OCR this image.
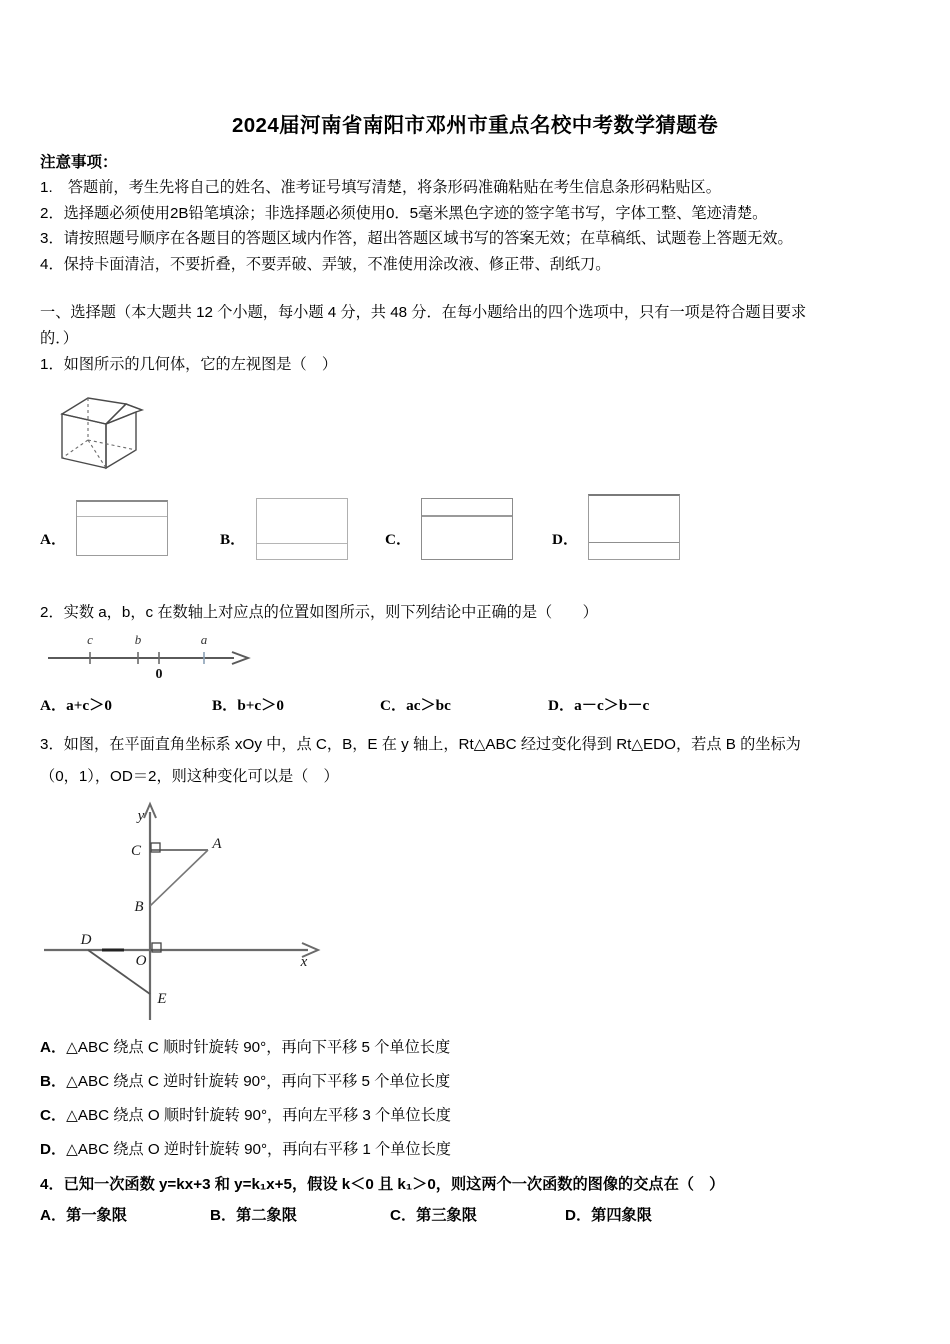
2024届河南省南阳市邓州市重点名校中考数学猜题卷
注意事项：
1.　答题前，考生先将自己的姓名、准考证号填写清楚，将条形码准确粘贴在考生信息条形码粘贴区。
2．选择题必须使用2B铅笔填涂；非选择题必须使用0．5毫米黑色字迹的签字笔书写，字体工整、笔迹清楚。
3．请按照题号顺序在各题目的答题区域内作答，超出答题区域书写的答案无效；在草稿纸、试题卷上答题无效。
4．保持卡面清洁，不要折叠，不要弄破、弄皱，不准使用涂改液、修正带、刮纸刀。
一、选择题（本大题共 12 个小题，每小题 4 分，共 48 分．在每小题给出的四个选项中，只有一项是符合题目要求
的．）
1．如图所示的几何体，它的左视图是（　）
A．	B．	C．	D．
2．实数 a，b，c 在数轴上对应点的位置如图所示，则下列结论中正确的是（　　）
c	b	a
0
A．a+c＞0	B．b+c＞0	C．ac＞bc	D．a－c＞b－c
3．如图，在平面直角坐标系 xOy 中，点 C，B，E 在 y 轴上，Rt△ABC 经过变化得到 Rt△EDO，若点 B 的坐标为
（0，1），OD＝2，则这种变化可以是（　）
C	A
B
D
O
E
y
x
A．△ABC 绕点 C 顺时针旋转 90°，再向下平移 5 个单位长度
B．△ABC 绕点 C 逆时针旋转 90°，再向下平移 5 个单位长度
C．△ABC 绕点 O 顺时针旋转 90°，再向左平移 3 个单位长度
D．△ABC 绕点 O 逆时针旋转 90°，再向右平移 1 个单位长度
4．已知一次函数 y=kx+3 和 y=k₁x+5，假设 k＜0 且 k₁＞0，则这两个一次函数的图像的交点在（　）
A．第一象限	B．第二象限	C．第三象限	D．第四象限
